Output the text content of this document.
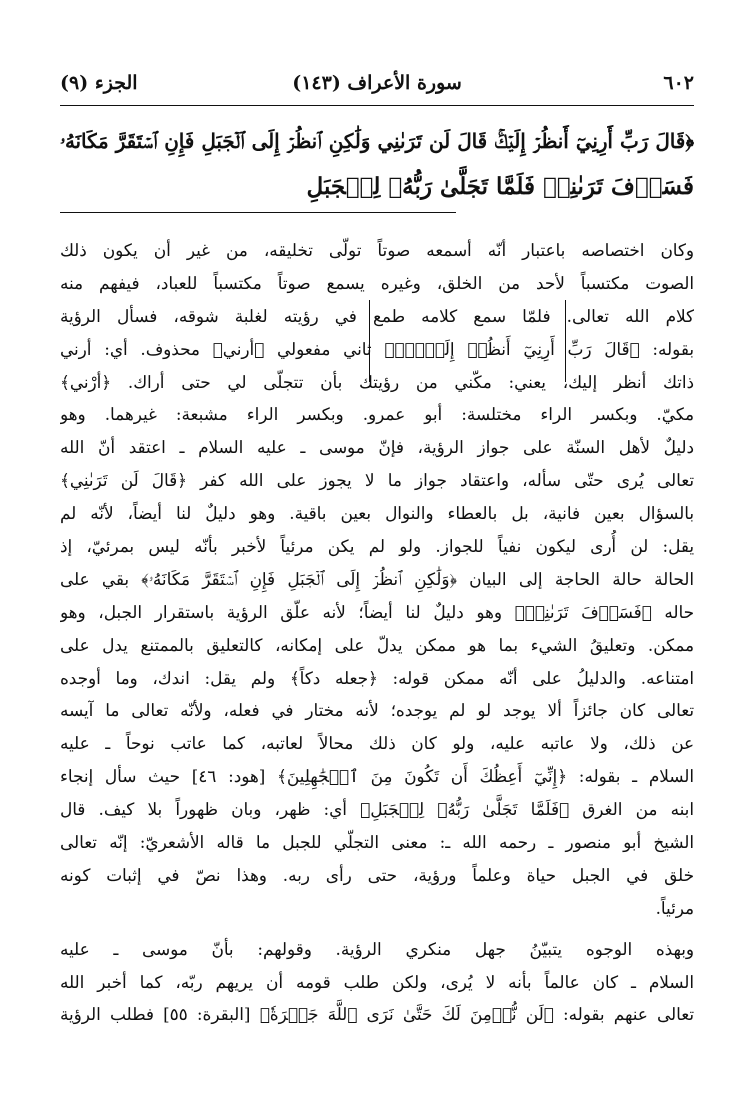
٦٠٢
سورة الأعراف (١٤٣)
الجزء (٩)
﴿قَالَ رَبِّ أَرِنِيٓ أَنظُرۡ إِلَيۡكَۚ قَالَ لَن تَرَىٰنِي وَلَٰكِنِ ٱنظُرۡ إِلَى ٱلۡجَبَلِ فَإِنِ ٱسۡتَقَرَّ مَكَانَهُۥ
فَسَوۡفَ تَرَىٰنِيۚ فَلَمَّا تَجَلَّىٰ رَبُّهُۥ لِلۡجَبَلِ
وكان اختصاصه باعتبار أنّه أسمعه صوتاً تولّى تخليقه، من غير أن يكون ذلك
الصوت مكتسباً لأحد من الخلق، وغيره يسمع صوتاً مكتسباً للعباد، فيفهم منه
كلام الله تعالى. فلمّا سمع كلامه طمع في رؤيته لغلبة شوقه، فسأل الرؤية
بقوله: ﴿قَالَ رَبِّ أَرِنِيٓ أَنظُرۡ إِلَيۡكَۚ﴾ ثاني مفعولي ﴿أرني﴾ محذوف. أي: أرني
ذاتك أنظر إليك، يعني: مكّني من رؤيتك بأن تتجلّى لي حتى أراك. ﴿أرْني﴾
مكيّ. وبكسر الراء مختلسة: أبو عمرو. وبكسر الراء مشبعة: غيرهما. وهو
دليلٌ لأهل السنّة على جواز الرؤية، فإنّ موسى ـ عليه السلام ـ اعتقد أنّ الله
تعالى يُرى حتّى سأله، واعتقاد جواز ما لا يجوز على الله كفر ﴿قَالَ لَن تَرَىٰنِي﴾
بالسؤال بعين فانية، بل بالعطاء والنوال بعين باقية. وهو دليلٌ لنا أيضاً، لأنّه لم
يقل: لن أُرى ليكون نفياً للجواز. ولو لم يكن مرئياً لأخبر بأنّه ليس بمرئيّ، إذ
الحالة حالة الحاجة إلى البيان ﴿وَلَٰكِنِ ٱنظُرۡ إِلَى ٱلۡجَبَلِ فَإِنِ ٱسۡتَقَرَّ مَكَانَهُۥ﴾ بقي على
حاله ﴿فَسَوۡفَ تَرَىٰنِيۚ﴾ وهو دليلٌ لنا أيضاً؛ لأنه علّق الرؤية باستقرار الجبل، وهو
ممكن. وتعليقُ الشيء بما هو ممكن يدلّ على إمكانه، كالتعليق بالممتنع يدل على
امتناعه. والدليلُ على أنّه ممكن قوله: ﴿جعله دكاً﴾ ولم يقل: اندك، وما أوجده
تعالى كان جائزاً ألا يوجد لو لم يوجده؛ لأنه مختار في فعله، ولأنّه تعالى ما آيسه
عن ذلك، ولا عاتبه عليه، ولو كان ذلك محالاً لعاتبه، كما عاتب نوحاً ـ عليه
السلام ـ بقوله: ﴿إِنِّيٓ أَعِظُكَ أَن تَكُونَ مِنَ ٱلۡجَٰهِلِينَ﴾ [هود: ٤٦] حيث سأل إنجاء
ابنه من الغرق ﴿فَلَمَّا تَجَلَّىٰ رَبُّهُۥ لِلۡجَبَلِ﴾ أي: ظهر، وبان ظهوراً بلا كيف. قال
الشيخ أبو منصور ـ رحمه الله ـ: معنى التجلّي للجبل ما قاله الأشعريّ: إنّه تعالى
خلق في الجبل حياة وعلماً ورؤية، حتى رأى ربه. وهذا نصّ في إثبات كونه
مرئياً.
وبهذه الوجوه يتبيّنُ جهل منكري الرؤية. وقولهم: بأنّ موسى ـ عليه
السلام ـ كان عالماً بأنه لا يُرى، ولكن طلب قومه أن يريهم ربّه، كما أخبر الله
تعالى عنهم بقوله: ﴿لَن نُّؤۡمِنَ لَكَ حَتَّىٰ نَرَى ٱللَّهَ جَهۡرَةٗ﴾ [البقرة: ٥٥] فطلب الرؤية
